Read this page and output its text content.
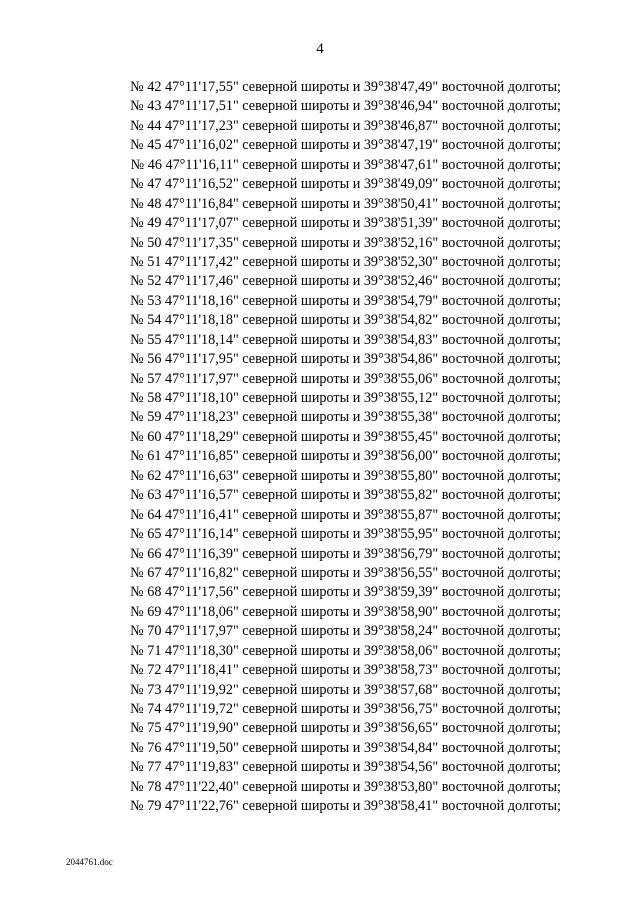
4
№ 42 47°11'17,55" северной широты и 39°38'47,49" восточной долготы;
№ 43 47°11'17,51" северной широты и 39°38'46,94" восточной долготы;
№ 44 47°11'17,23" северной широты и 39°38'46,87" восточной долготы;
№ 45 47°11'16,02" северной широты и 39°38'47,19" восточной долготы;
№ 46 47°11'16,11" северной широты и 39°38'47,61" восточной долготы;
№ 47 47°11'16,52" северной широты и 39°38'49,09" восточной долготы;
№ 48 47°11'16,84" северной широты и 39°38'50,41" восточной долготы;
№ 49 47°11'17,07" северной широты и 39°38'51,39" восточной долготы;
№ 50 47°11'17,35" северной широты и 39°38'52,16" восточной долготы;
№ 51 47°11'17,42" северной широты и 39°38'52,30" восточной долготы;
№ 52 47°11'17,46" северной широты и 39°38'52,46" восточной долготы;
№ 53 47°11'18,16" северной широты и 39°38'54,79" восточной долготы;
№ 54 47°11'18,18" северной широты и 39°38'54,82" восточной долготы;
№ 55 47°11'18,14" северной широты и 39°38'54,83" восточной долготы;
№ 56 47°11'17,95" северной широты и 39°38'54,86" восточной долготы;
№ 57 47°11'17,97" северной широты и 39°38'55,06" восточной долготы;
№ 58 47°11'18,10" северной широты и 39°38'55,12" восточной долготы;
№ 59 47°11'18,23" северной широты и 39°38'55,38" восточной долготы;
№ 60 47°11'18,29" северной широты и 39°38'55,45" восточной долготы;
№ 61 47°11'16,85" северной широты и 39°38'56,00" восточной долготы;
№ 62 47°11'16,63" северной широты и 39°38'55,80" восточной долготы;
№ 63 47°11'16,57" северной широты и 39°38'55,82" восточной долготы;
№ 64 47°11'16,41" северной широты и 39°38'55,87" восточной долготы;
№ 65 47°11'16,14" северной широты и 39°38'55,95" восточной долготы;
№ 66 47°11'16,39" северной широты и 39°38'56,79" восточной долготы;
№ 67 47°11'16,82" северной широты и 39°38'56,55" восточной долготы;
№ 68 47°11'17,56" северной широты и 39°38'59,39" восточной долготы;
№ 69 47°11'18,06" северной широты и 39°38'58,90" восточной долготы;
№ 70 47°11'17,97" северной широты и 39°38'58,24" восточной долготы;
№ 71 47°11'18,30" северной широты и 39°38'58,06" восточной долготы;
№ 72 47°11'18,41" северной широты и 39°38'58,73" восточной долготы;
№ 73 47°11'19,92" северной широты и 39°38'57,68" восточной долготы;
№ 74 47°11'19,72" северной широты и 39°38'56,75" восточной долготы;
№ 75 47°11'19,90" северной широты и 39°38'56,65" восточной долготы;
№ 76 47°11'19,50" северной широты и 39°38'54,84" восточной долготы;
№ 77 47°11'19,83" северной широты и 39°38'54,56" восточной долготы;
№ 78 47°11'22,40" северной широты и 39°38'53,80" восточной долготы;
№ 79 47°11'22,76" северной широты и 39°38'58,41" восточной долготы;
2044761.doc
